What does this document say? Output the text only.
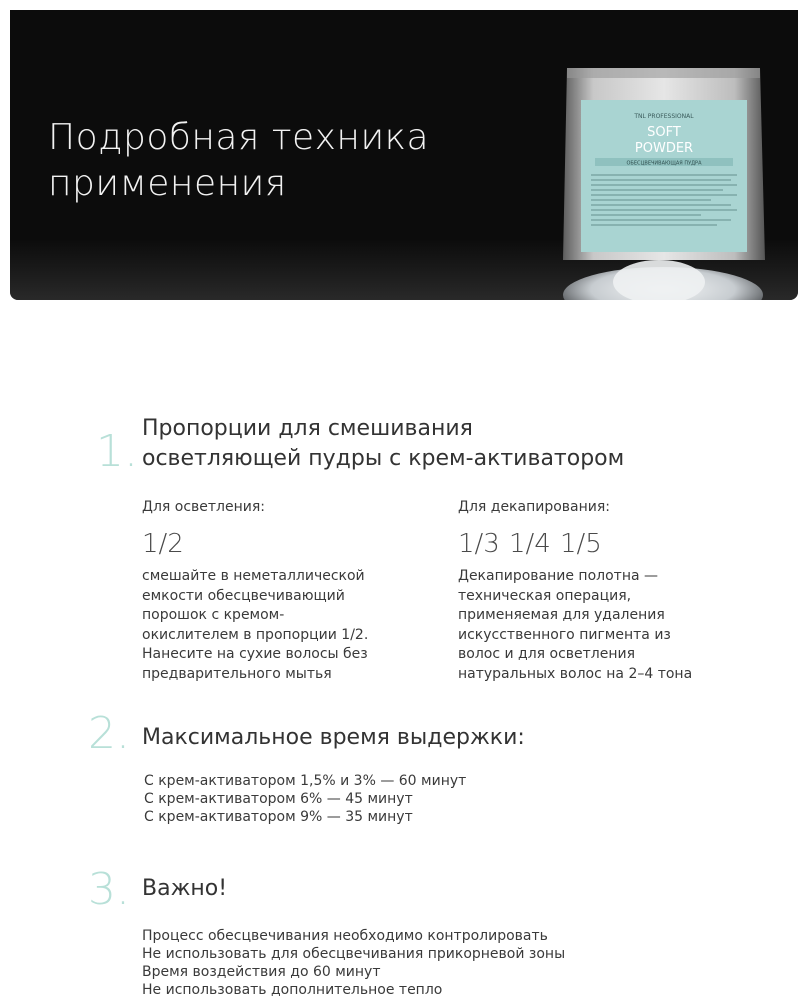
Подробная техника
применения
TNL PROFESSIONAL
SOFT
POWDER
ОБЕСЦВЕЧИВАЮЩАЯ ПУДРА
1. Пропорции для смешивания
осветляющей пудры с крем-активатором
Для осветления:
1/2

смешайте в неметаллической
емкости обесцвечивающий
порошок с кремом-
окислителем в пропорции 1/2.
Нанесите на сухие волосы без
предварительного мытья

Для декапирования:
1/3 1/4 1/5

Декапирование полотна —
техническая операция,
применяемая для удаления
искусственного пигмента из
волос и для осветления
натуральных волос на 2–4 тона

2. Максимальное время выдержки:
С крем-активатором 1,5% и 3% — 60 минут
С крем-активатором 6% — 45 минут
С крем-активатором 9% — 35 минут
3. Важно!
Процесс обесцвечивания необходимо контролировать
Не использовать для обесцвечивания прикорневой зоны
Время воздействия до 60 минут
Не использовать дополнительное тепло
